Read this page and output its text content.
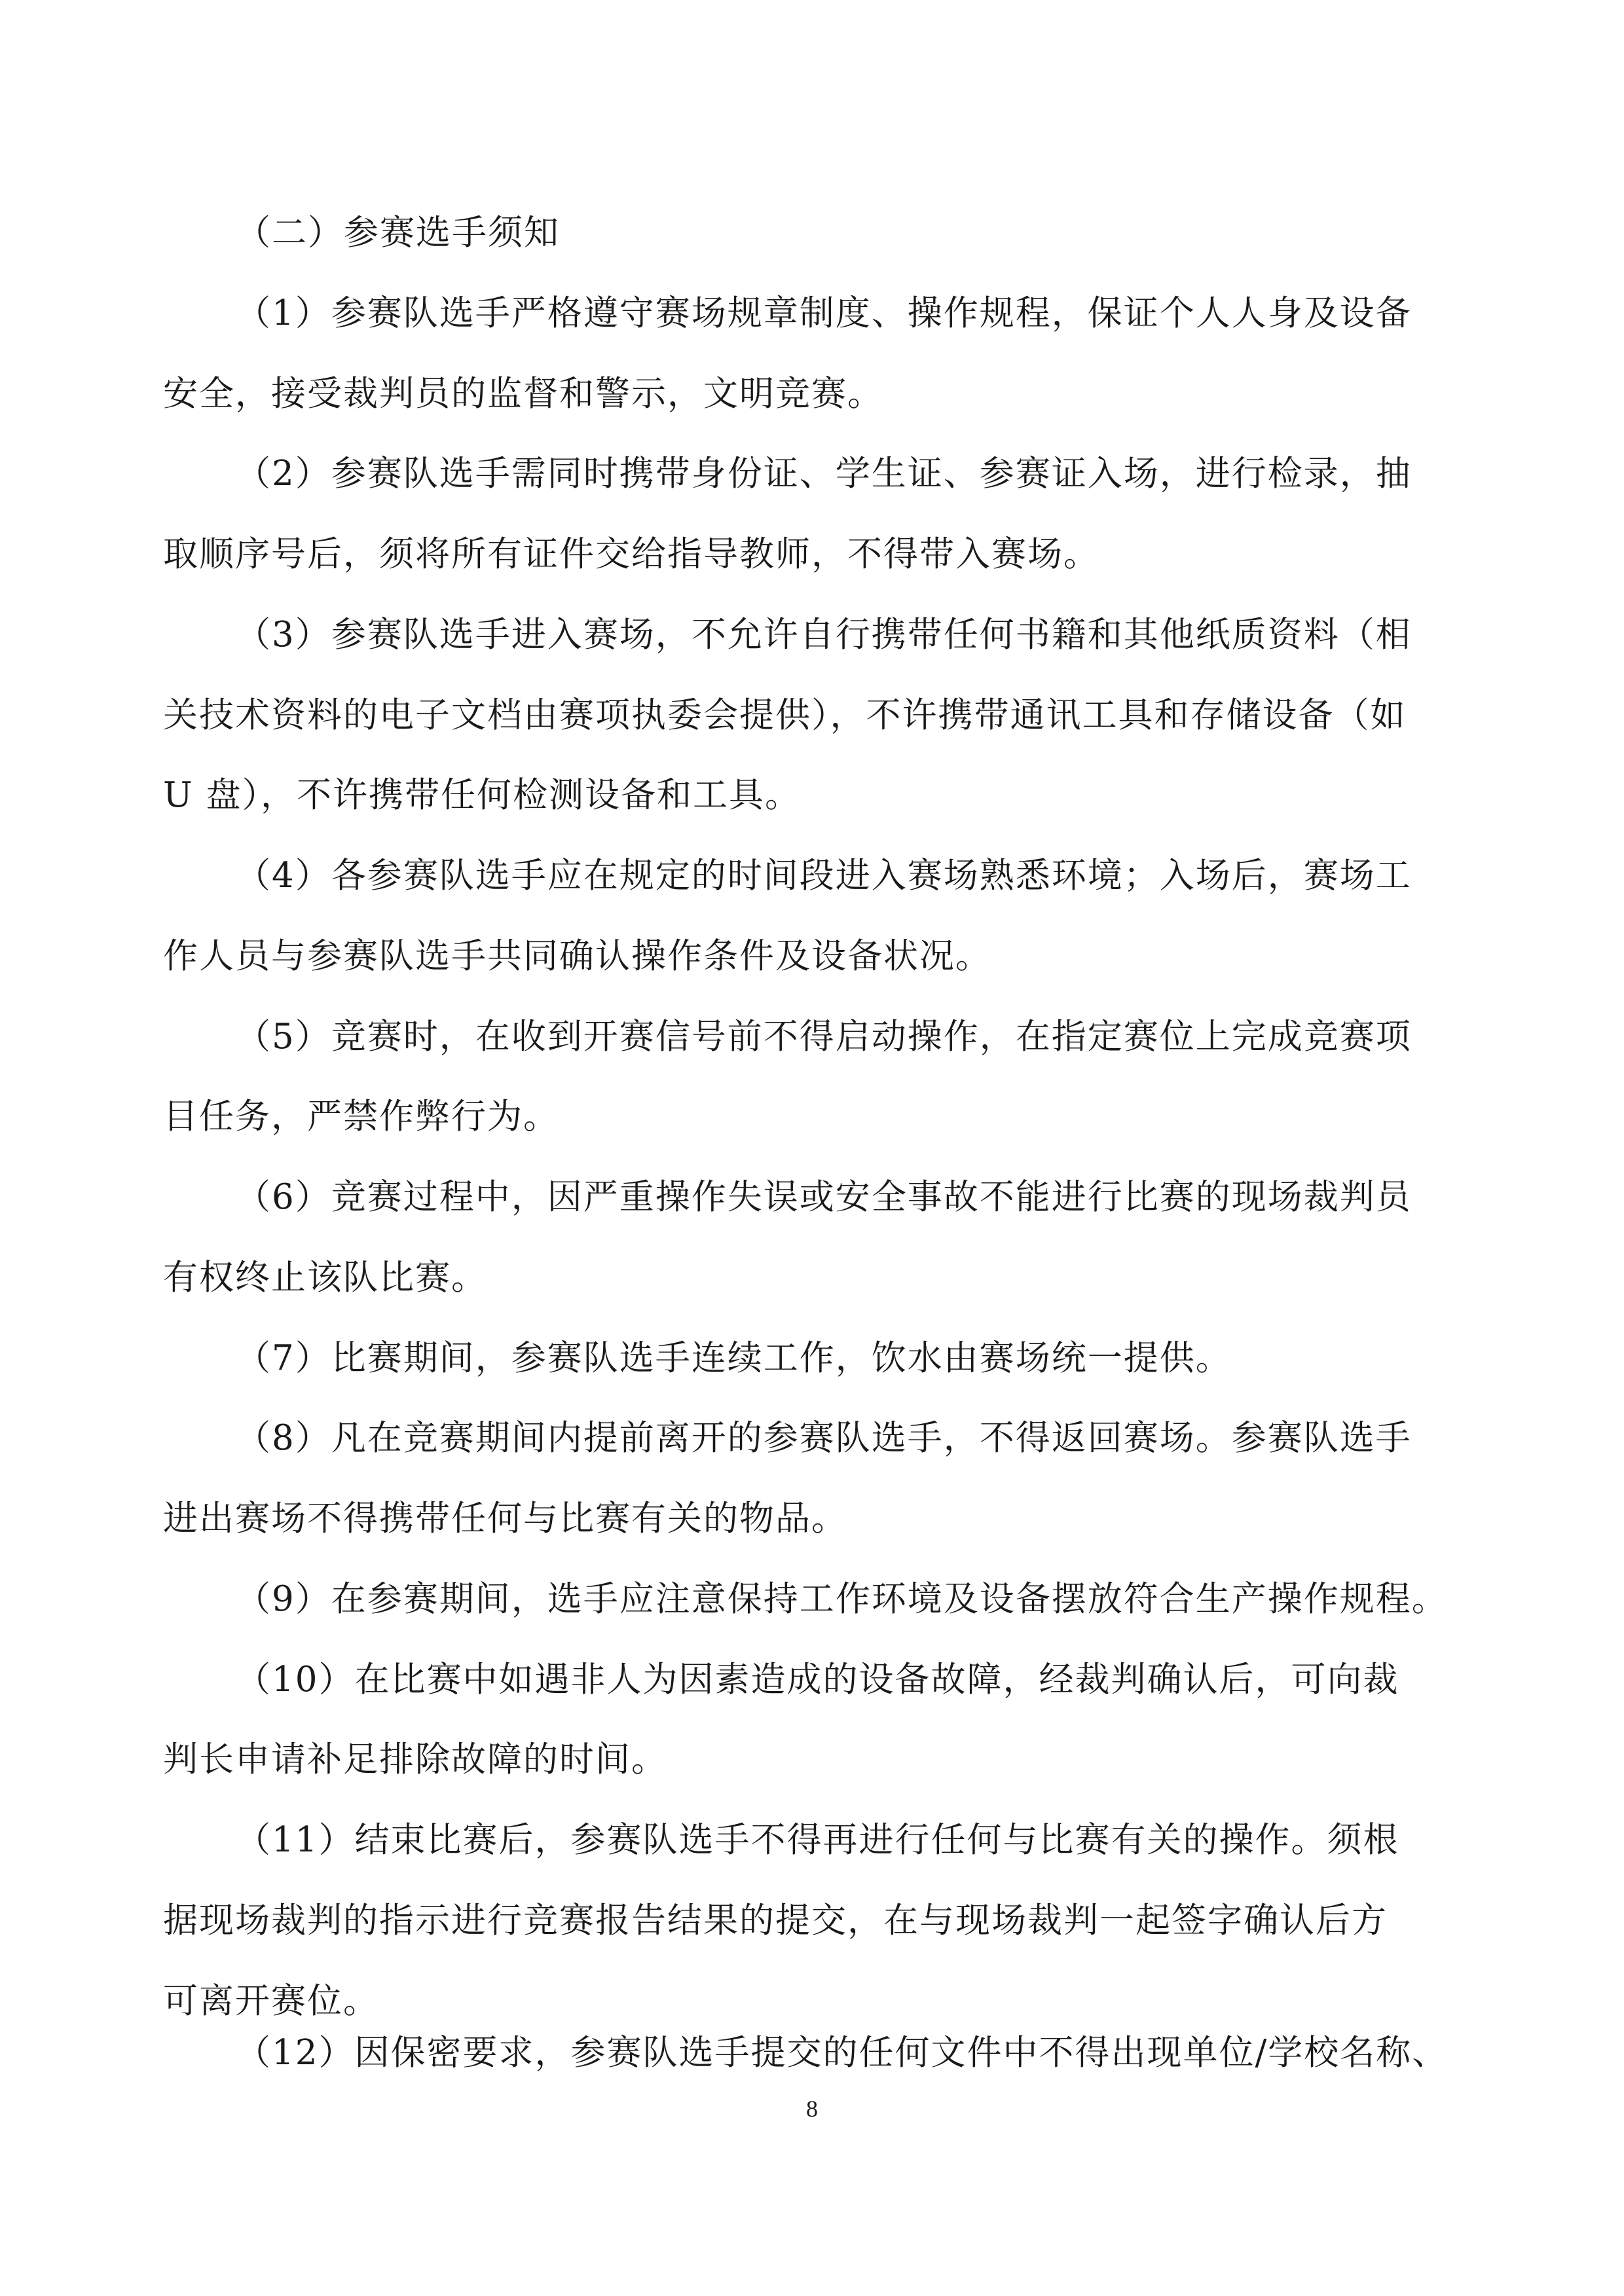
（二）参赛选手须知
（1）参赛队选手严格遵守赛场规章制度、操作规程，保证个人人身及设备
安全，接受裁判员的监督和警示，文明竞赛。
（2）参赛队选手需同时携带身份证、学生证、参赛证入场，进行检录，抽
取顺序号后，须将所有证件交给指导教师，不得带入赛场。
（3）参赛队选手进入赛场，不允许自行携带任何书籍和其他纸质资料（相
关技术资料的电子文档由赛项执委会提供），不许携带通讯工具和存储设备（如
U 盘），不许携带任何检测设备和工具。
（4）各参赛队选手应在规定的时间段进入赛场熟悉环境；入场后，赛场工
作人员与参赛队选手共同确认操作条件及设备状况。
（5）竞赛时，在收到开赛信号前不得启动操作，在指定赛位上完成竞赛项
目任务，严禁作弊行为。
（6）竞赛过程中，因严重操作失误或安全事故不能进行比赛的现场裁判员
有权终止该队比赛。
（7）比赛期间，参赛队选手连续工作，饮水由赛场统一提供。
（8）凡在竞赛期间内提前离开的参赛队选手，不得返回赛场。参赛队选手
进出赛场不得携带任何与比赛有关的物品。
（9）在参赛期间，选手应注意保持工作环境及设备摆放符合生产操作规程。
（10）在比赛中如遇非人为因素造成的设备故障，经裁判确认后，可向裁
判长申请补足排除故障的时间。
（11）结束比赛后，参赛队选手不得再进行任何与比赛有关的操作。须根
据现场裁判的指示进行竞赛报告结果的提交，在与现场裁判一起签字确认后方
可离开赛位。
（12）因保密要求，参赛队选手提交的任何文件中不得出现单位/学校名称、
8
